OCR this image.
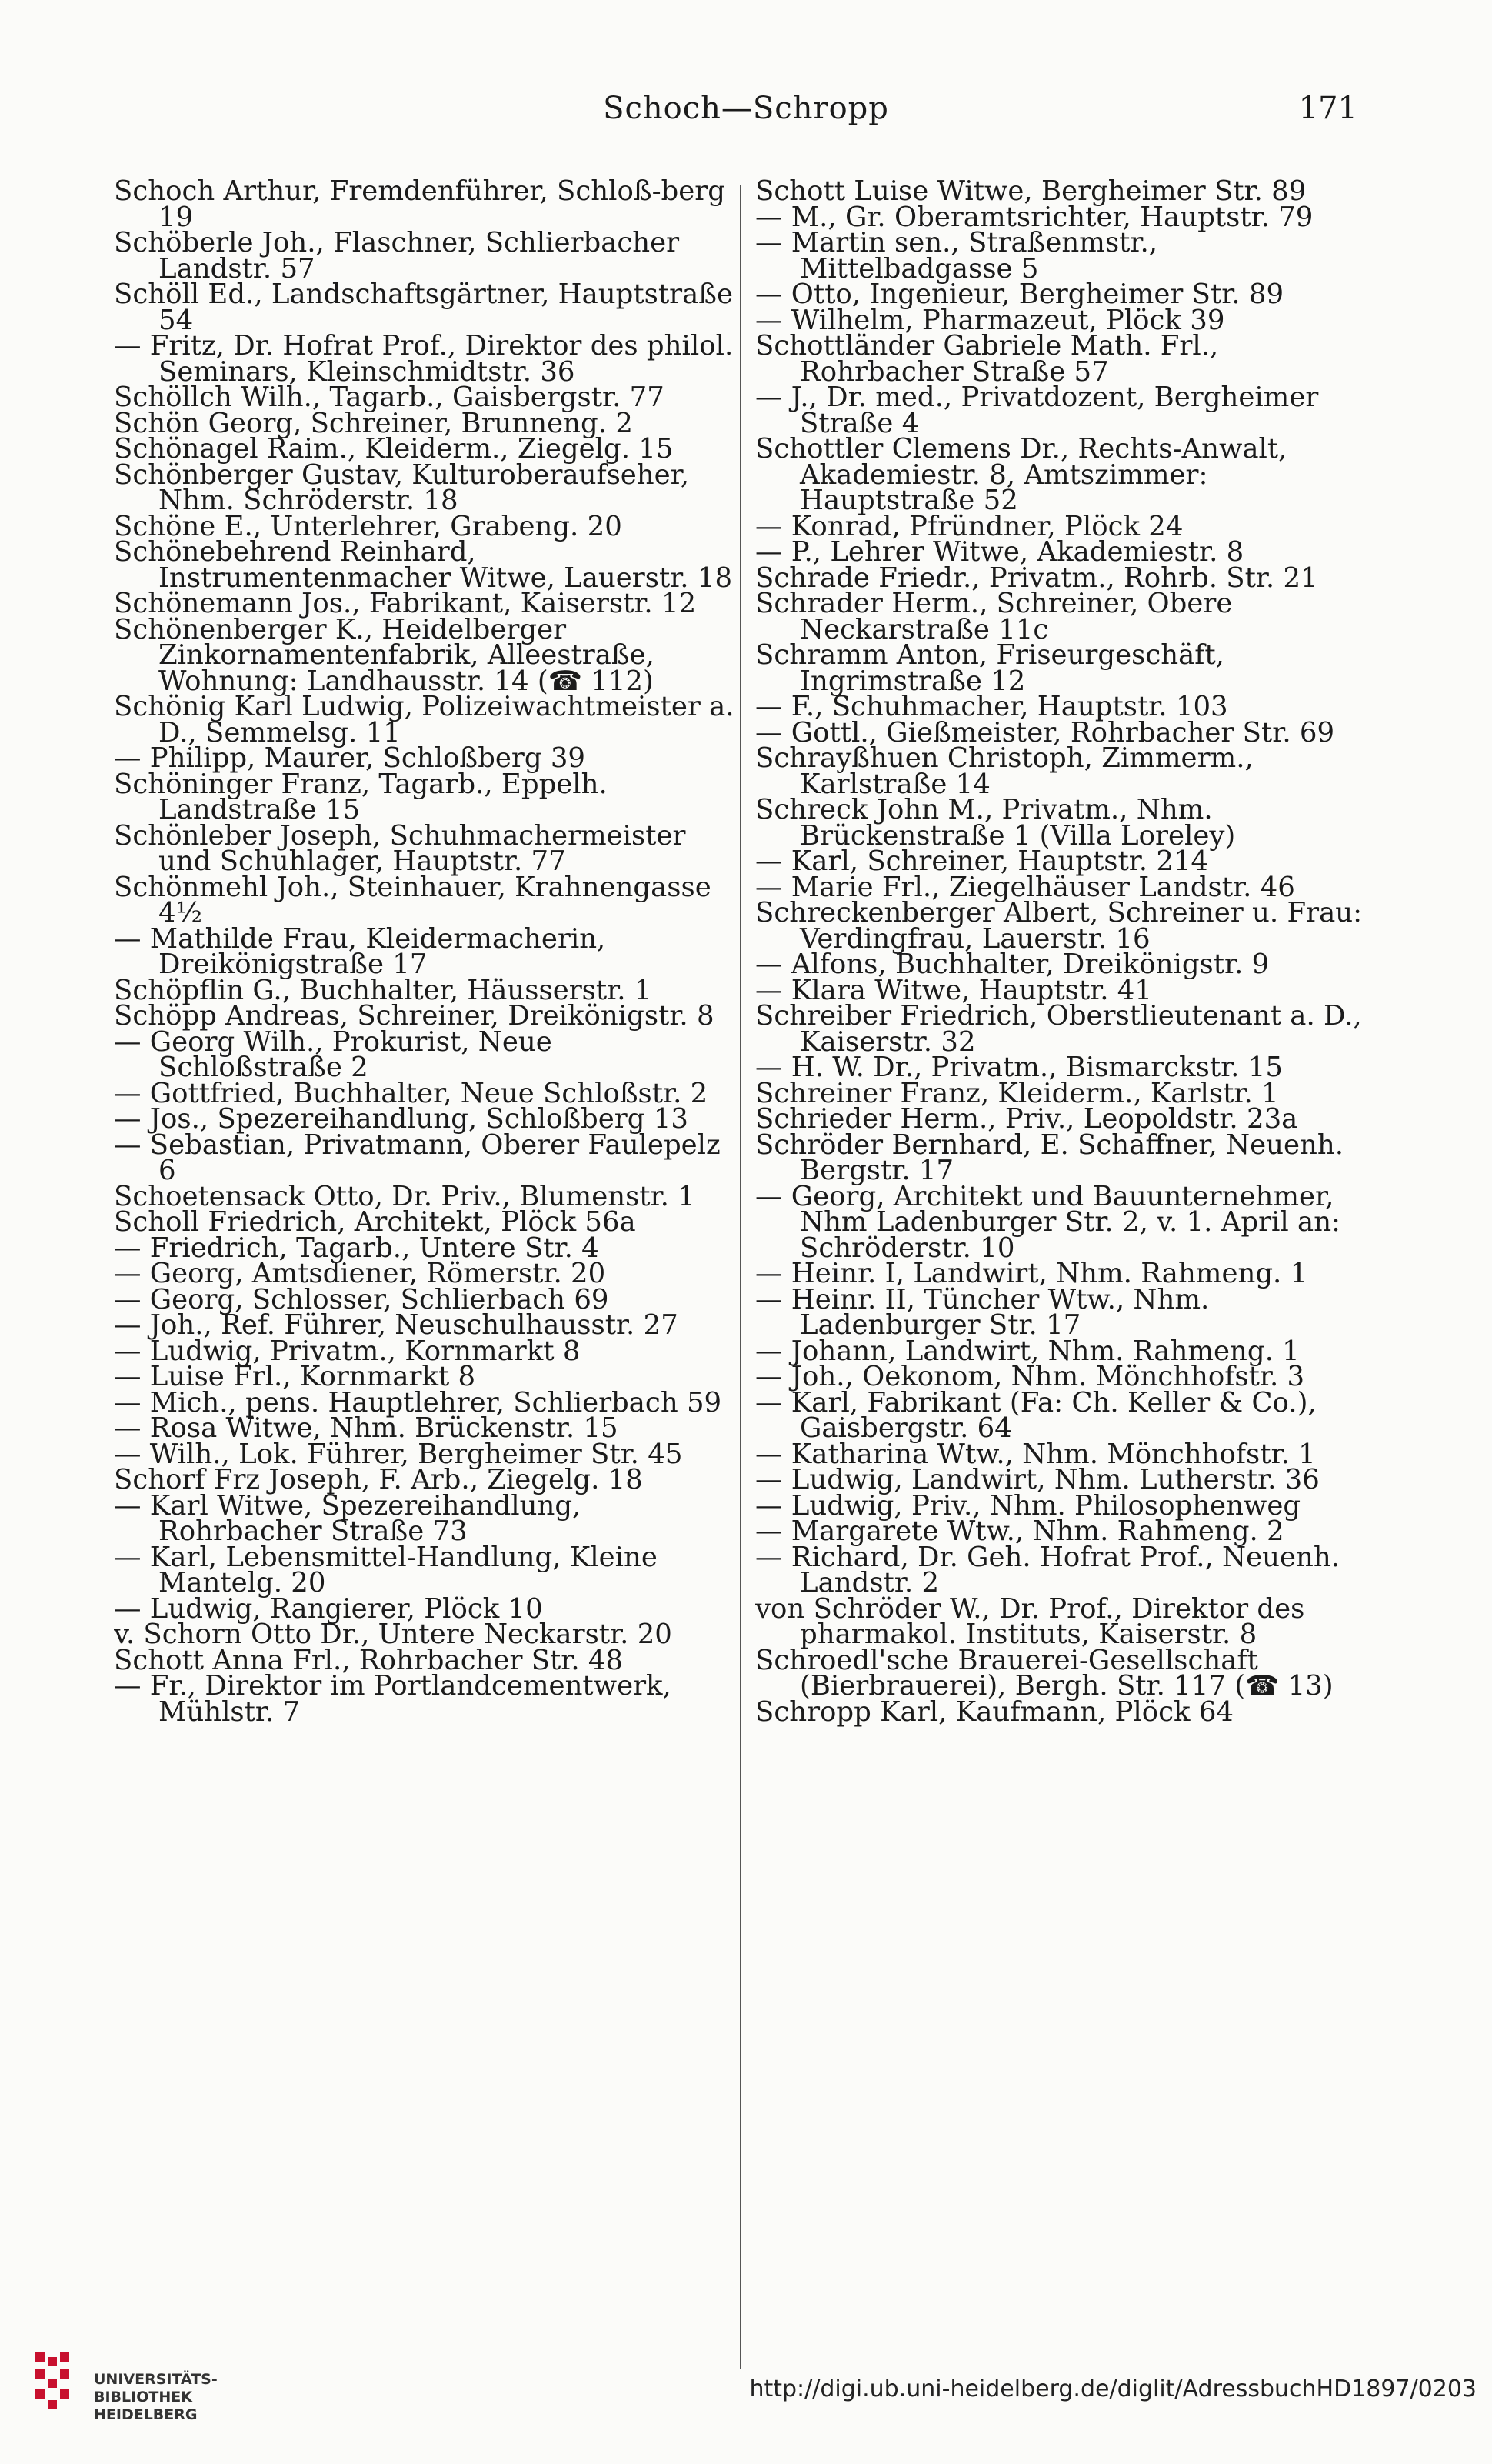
Schoch—Schropp	171
Schoch Arthur, Fremdenführer, Schloß-berg 19
Schöberle Joh., Flaschner, Schlierbacher Landstr. 57
Schöll Ed., Landschaftsgärtner, Hauptstraße 54
— Fritz, Dr. Hofrat Prof., Direktor des philol. Seminars, Kleinschmidtstr. 36
Schöllch Wilh., Tagarb., Gaisbergstr. 77
Schön Georg, Schreiner, Brunneng. 2
Schönagel Raim., Kleiderm., Ziegelg. 15
Schönberger Gustav, Kulturoberaufseher, Nhm. Schröderstr. 18
Schöne E., Unterlehrer, Grabeng. 20
Schönebehrend Reinhard, Instrumentenmacher Witwe, Lauerstr. 18
Schönemann Jos., Fabrikant, Kaiserstr. 12
Schönenberger K., Heidelberger Zinkornamentenfabrik, Alleestraße, Wohnung: Landhausstr. 14 (☎ 112)
Schönig Karl Ludwig, Polizeiwachtmeister a. D., Semmelsg. 11
— Philipp, Maurer, Schloßberg 39
Schöninger Franz, Tagarb., Eppelh. Landstraße 15
Schönleber Joseph, Schuhmachermeister und Schuhlager, Hauptstr. 77
Schönmehl Joh., Steinhauer, Krahnengasse 4½
— Mathilde Frau, Kleidermacherin, Dreikönigstraße 17
Schöpflin G., Buchhalter, Häusserstr. 1
Schöpp Andreas, Schreiner, Dreikönigstr. 8
— Georg Wilh., Prokurist, Neue Schloßstraße 2
— Gottfried, Buchhalter, Neue Schloßstr. 2
— Jos., Spezereihandlung, Schloßberg 13
— Sebastian, Privatmann, Oberer Faulepelz 6
Schoetensack Otto, Dr. Priv., Blumenstr. 1
Scholl Friedrich, Architekt, Plöck 56a
— Friedrich, Tagarb., Untere Str. 4
— Georg, Amtsdiener, Römerstr. 20
— Georg, Schlosser, Schlierbach 69
— Joh., Ref. Führer, Neuschulhausstr. 27
— Ludwig, Privatm., Kornmarkt 8
— Luise Frl., Kornmarkt 8
— Mich., pens. Hauptlehrer, Schlierbach 59
— Rosa Witwe, Nhm. Brückenstr. 15
— Wilh., Lok. Führer, Bergheimer Str. 45
Schorf Frz Joseph, F. Arb., Ziegelg. 18
— Karl Witwe, Spezereihandlung, Rohrbacher Straße 73
— Karl, Lebensmittel-Handlung, Kleine Mantelg. 20
— Ludwig, Rangierer, Plöck 10
v. Schorn Otto Dr., Untere Neckarstr. 20
Schott Anna Frl., Rohrbacher Str. 48
— Fr., Direktor im Portlandcementwerk, Mühlstr. 7
Schott Luise Witwe, Bergheimer Str. 89
— M., Gr. Oberamtsrichter, Hauptstr. 79
— Martin sen., Straßenmstr., Mittelbadgasse 5
— Otto, Ingenieur, Bergheimer Str. 89
— Wilhelm, Pharmazeut, Plöck 39
Schottländer Gabriele Math. Frl., Rohrbacher Straße 57
— J., Dr. med., Privatdozent, Bergheimer Straße 4
Schottler Clemens Dr., Rechts-Anwalt, Akademiestr. 8, Amtszimmer: Hauptstraße 52
— Konrad, Pfründner, Plöck 24
— P., Lehrer Witwe, Akademiestr. 8
Schrade Friedr., Privatm., Rohrb. Str. 21
Schrader Herm., Schreiner, Obere Neckarstraße 11c
Schramm Anton, Friseurgeschäft, Ingrimstraße 12
— F., Schuhmacher, Hauptstr. 103
— Gottl., Gießmeister, Rohrbacher Str. 69
Schrayßhuen Christoph, Zimmerm., Karlstraße 14
Schreck John M., Privatm., Nhm. Brückenstraße 1 (Villa Loreley)
— Karl, Schreiner, Hauptstr. 214
— Marie Frl., Ziegelhäuser Landstr. 46
Schreckenberger Albert, Schreiner u. Frau: Verdingfrau, Lauerstr. 16
— Alfons, Buchhalter, Dreikönigstr. 9
— Klara Witwe, Hauptstr. 41
Schreiber Friedrich, Oberstlieutenant a. D., Kaiserstr. 32
— H. W. Dr., Privatm., Bismarckstr. 15
Schreiner Franz, Kleiderm., Karlstr. 1
Schrieder Herm., Priv., Leopoldstr. 23a
Schröder Bernhard, E. Schaffner, Neuenh. Bergstr. 17
— Georg, Architekt und Bauunternehmer, Nhm Ladenburger Str. 2, v. 1. April an: Schröderstr. 10
— Heinr. I, Landwirt, Nhm. Rahmeng. 1
— Heinr. II, Tüncher Wtw., Nhm. Ladenburger Str. 17
— Johann, Landwirt, Nhm. Rahmeng. 1
— Joh., Oekonom, Nhm. Mönchhofstr. 3
— Karl, Fabrikant (Fa: Ch. Keller & Co.), Gaisbergstr. 64
— Katharina Wtw., Nhm. Mönchhofstr. 1
— Ludwig, Landwirt, Nhm. Lutherstr. 36
— Ludwig, Priv., Nhm. Philosophenweg
— Margarete Wtw., Nhm. Rahmeng. 2
— Richard, Dr. Geh. Hofrat Prof., Neuenh. Landstr. 2
von Schröder W., Dr. Prof., Direktor des pharmakol. Instituts, Kaiserstr. 8
Schroedl'sche Brauerei-Gesellschaft (Bierbrauerei), Bergh. Str. 117 (☎ 13)
Schropp Karl, Kaufmann, Plöck 64
UNIVERSITÄTS-
BIBLIOTHEK
HEIDELBERG
http://digi.ub.uni-heidelberg.de/diglit/AdressbuchHD1897/0203
